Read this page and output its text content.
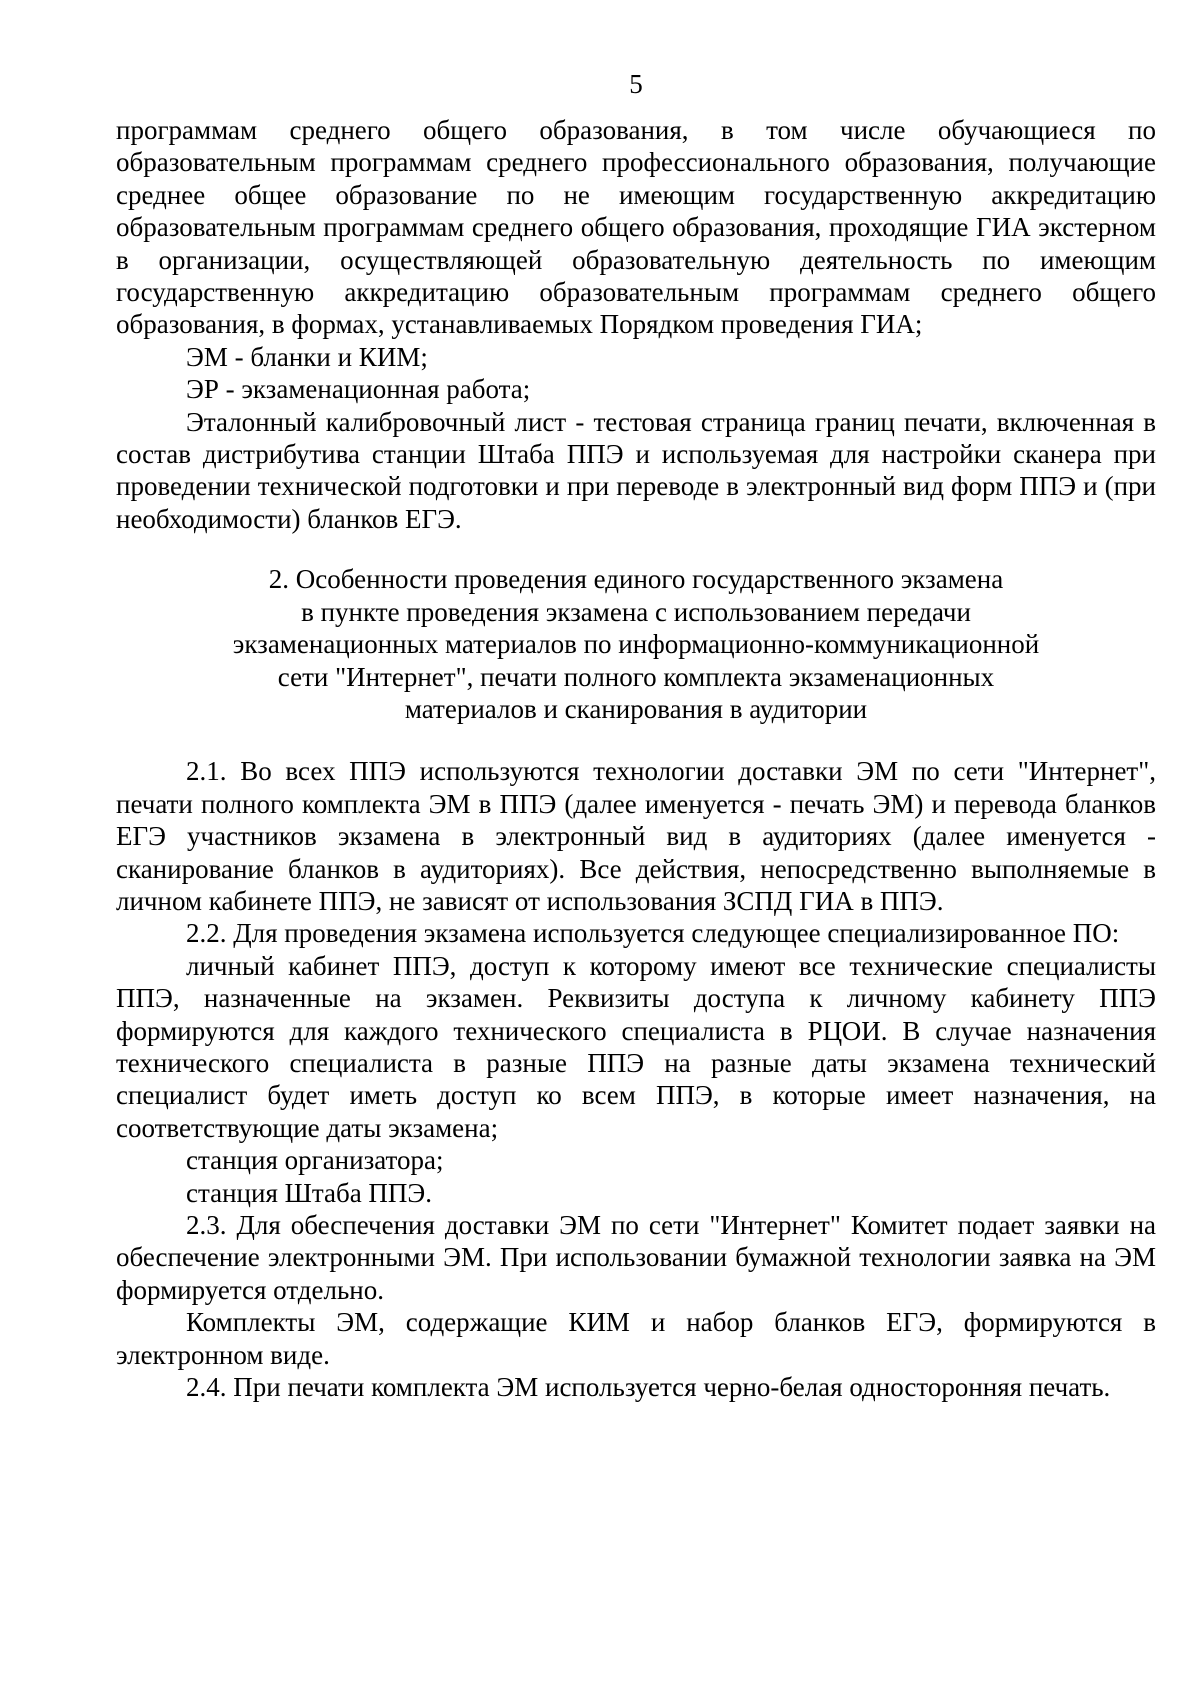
5

программам среднего общего образования, в том числе обучающиеся по образовательным программам среднего профессионального образования, получающие среднее общее образование по не имеющим государственную аккредитацию образовательным программам среднего общего образования, проходящие ГИА экстерном в организации, осуществляющей образовательную деятельность по имеющим государственную аккредитацию образовательным программам среднего общего образования, в формах, устанавливаемых Порядком проведения ГИА;

ЭМ - бланки и КИМ;

ЭР - экзаменационная работа;

Эталонный калибровочный лист - тестовая страница границ печати, включенная в состав дистрибутива станции Штаба ППЭ и используемая для настройки сканера при проведении технической подготовки и при переводе в электронный вид форм ППЭ и (при необходимости) бланков ЕГЭ.

2. Особенности проведения единого государственного экзамена
в пункте проведения экзамена с использованием передачи
экзаменационных материалов по информационно-коммуникационной
сети "Интернет", печати полного комплекта экзаменационных
материалов и сканирования в аудитории

2.1. Во всех ППЭ используются технологии доставки ЭМ по сети "Интернет", печати полного комплекта ЭМ в ППЭ (далее именуется - печать ЭМ) и перевода бланков ЕГЭ участников экзамена в электронный вид в аудиториях (далее именуется - сканирование бланков в аудиториях). Все действия, непосредственно выполняемые в личном кабинете ППЭ, не зависят от использования ЗСПД ГИА в ППЭ.

2.2. Для проведения экзамена используется следующее специализированное ПО:

личный кабинет ППЭ, доступ к которому имеют все технические специалисты ППЭ, назначенные на экзамен. Реквизиты доступа к личному кабинету ППЭ формируются для каждого технического специалиста в РЦОИ. В случае назначения технического специалиста в разные ППЭ на разные даты экзамена технический специалист будет иметь доступ ко всем ППЭ, в которые имеет назначения, на соответствующие даты экзамена;

станция организатора;

станция Штаба ППЭ.

2.3. Для обеспечения доставки ЭМ по сети "Интернет" Комитет подает заявки на обеспечение электронными ЭМ. При использовании бумажной технологии заявка на ЭМ формируется отдельно.

Комплекты ЭМ, содержащие КИМ и набор бланков ЕГЭ, формируются в электронном виде.

2.4. При печати комплекта ЭМ используется черно-белая односторонняя печать.
